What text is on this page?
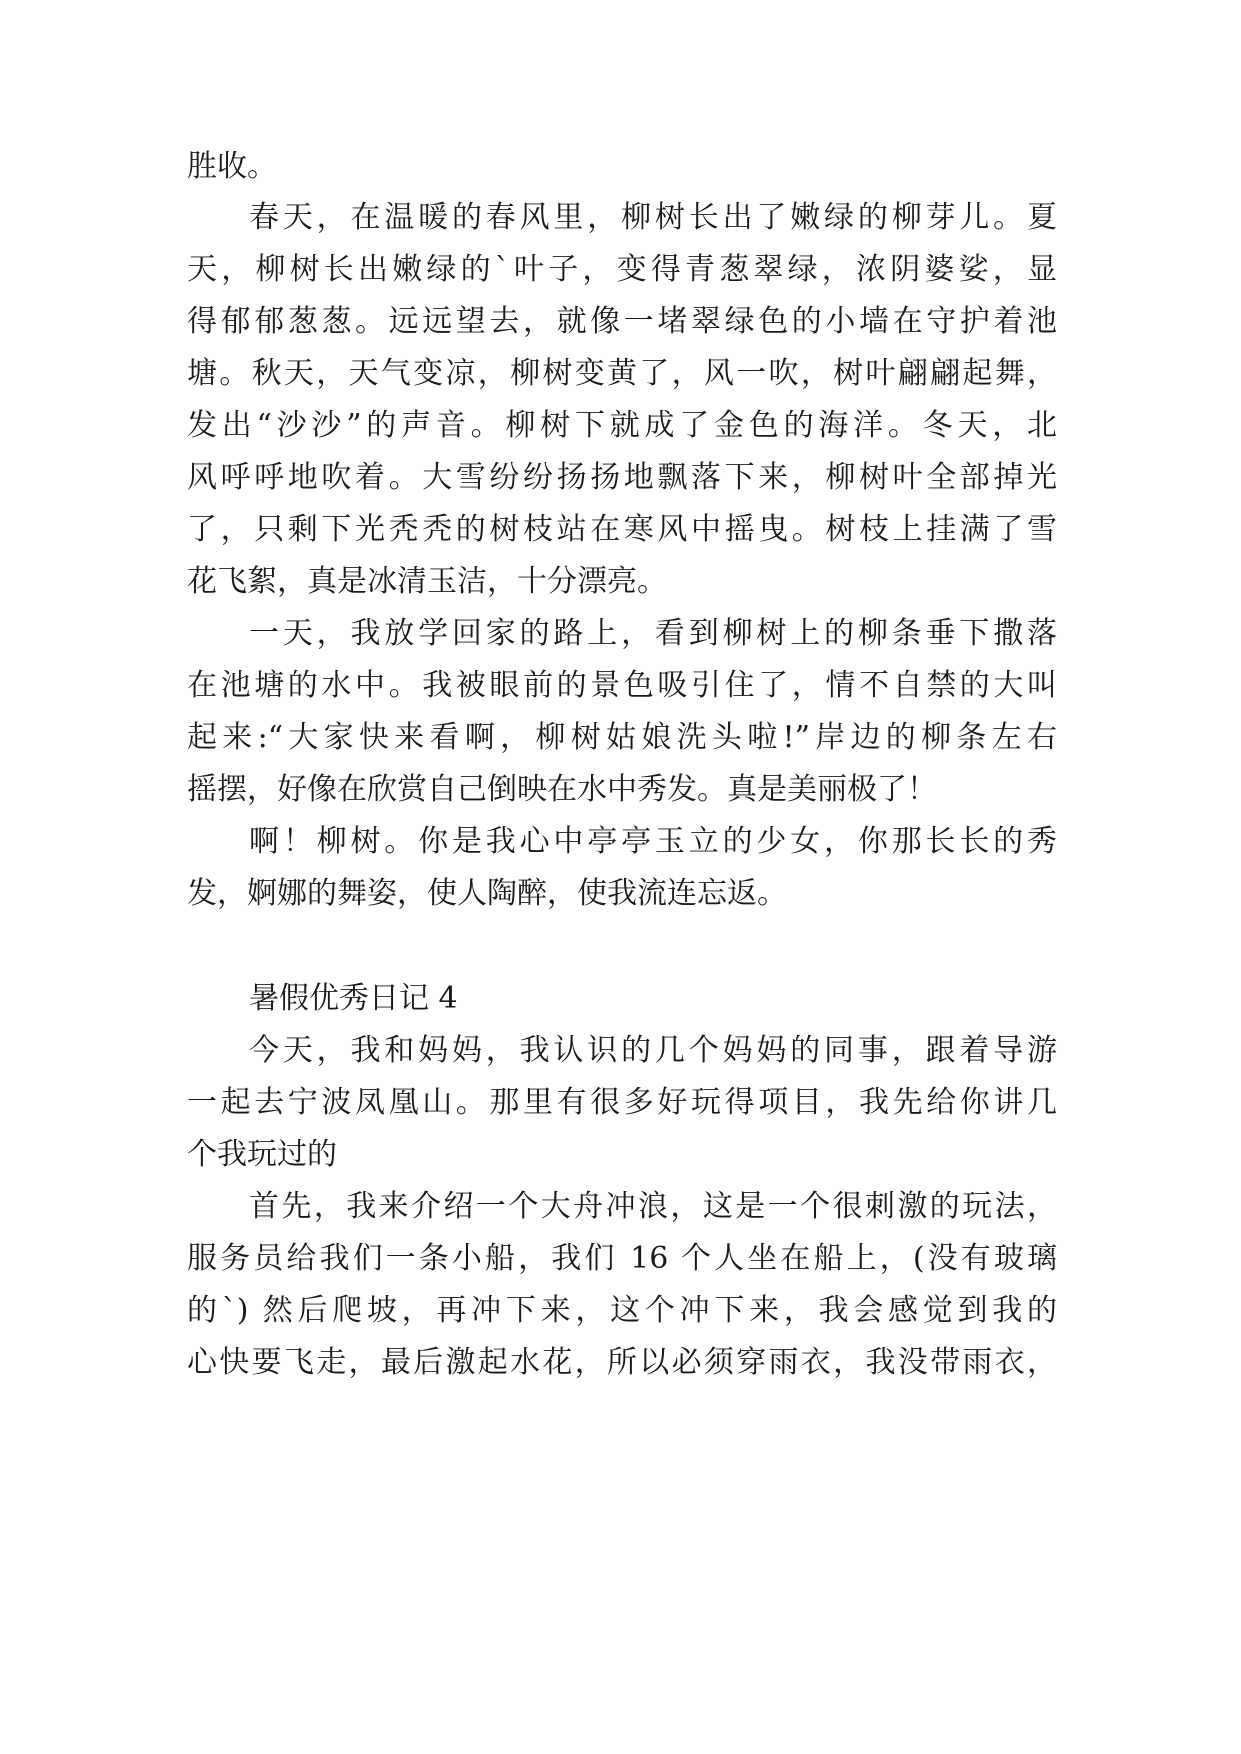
胜收。
春天，在温暖的春风里，柳树长出了嫩绿的柳芽儿。夏
天，柳树长出嫩绿的`叶子，变得青葱翠绿，浓阴婆娑，显
得郁郁葱葱。远远望去，就像一堵翠绿色的小墙在守护着池
塘。秋天，天气变凉，柳树变黄了，风一吹，树叶翩翩起舞，
发出“沙沙”的声音。柳树下就成了金色的海洋。冬天，北
风呼呼地吹着。大雪纷纷扬扬地飘落下来，柳树叶全部掉光
了，只剩下光秃秃的树枝站在寒风中摇曳。树枝上挂满了雪
花飞絮，真是冰清玉洁，十分漂亮。
一天，我放学回家的路上，看到柳树上的柳条垂下撒落
在池塘的水中。我被眼前的景色吸引住了，情不自禁的大叫
起来:“大家快来看啊，柳树姑娘洗头啦!”岸边的柳条左右
摇摆，好像在欣赏自己倒映在水中秀发。真是美丽极了！
啊！柳树。你是我心中亭亭玉立的少女，你那长长的秀
发，婀娜的舞姿，使人陶醉，使我流连忘返。
暑假优秀日记 4
今天，我和妈妈，我认识的几个妈妈的同事，跟着导游
一起去宁波凤凰山。那里有很多好玩得项目，我先给你讲几
个我玩过的
首先，我来介绍一个大舟冲浪，这是一个很刺激的玩法，
服务员给我们一条小船，我们 16 个人坐在船上，(没有玻璃
的`) 然后爬坡，再冲下来，这个冲下来，我会感觉到我的
心快要飞走，最后激起水花，所以必须穿雨衣，我没带雨衣，
